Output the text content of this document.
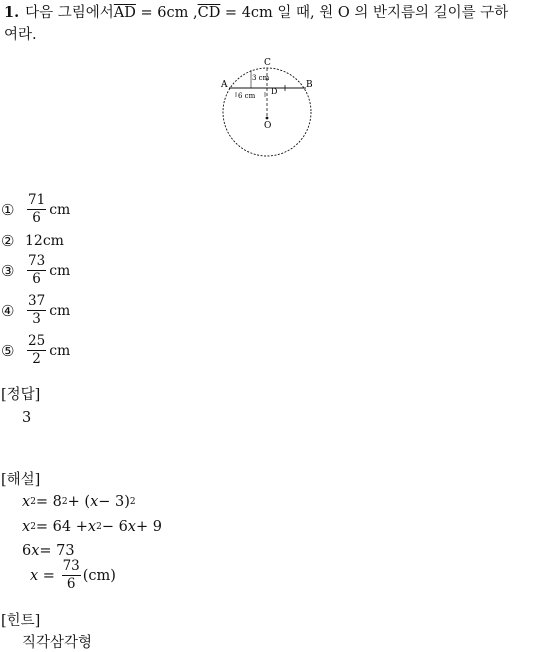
1. 다음 그림에서$\overline{AD} = 6cm$ $,\overline{CD} = 4cm$ 일 때, 원 O 의 반지름의 길이를 구하
여라.
C
A	B
D
O
3 cm
6 cm
① $\frac{71}{6}$ cm
② 12cm
③ $\frac{73}{6}$ cm
④ $\frac{37}{3}$ cm
⑤ $\frac{25}{2}$ cm
[정답]
3
[해설]
x 2 = 8 2 + ( x − 3) 2
x 2 = 64 + x 2 − 6 x + 9
6 x = 73
$x = \frac{73}{6} (cm)$
[힌트]
직각삼각형
